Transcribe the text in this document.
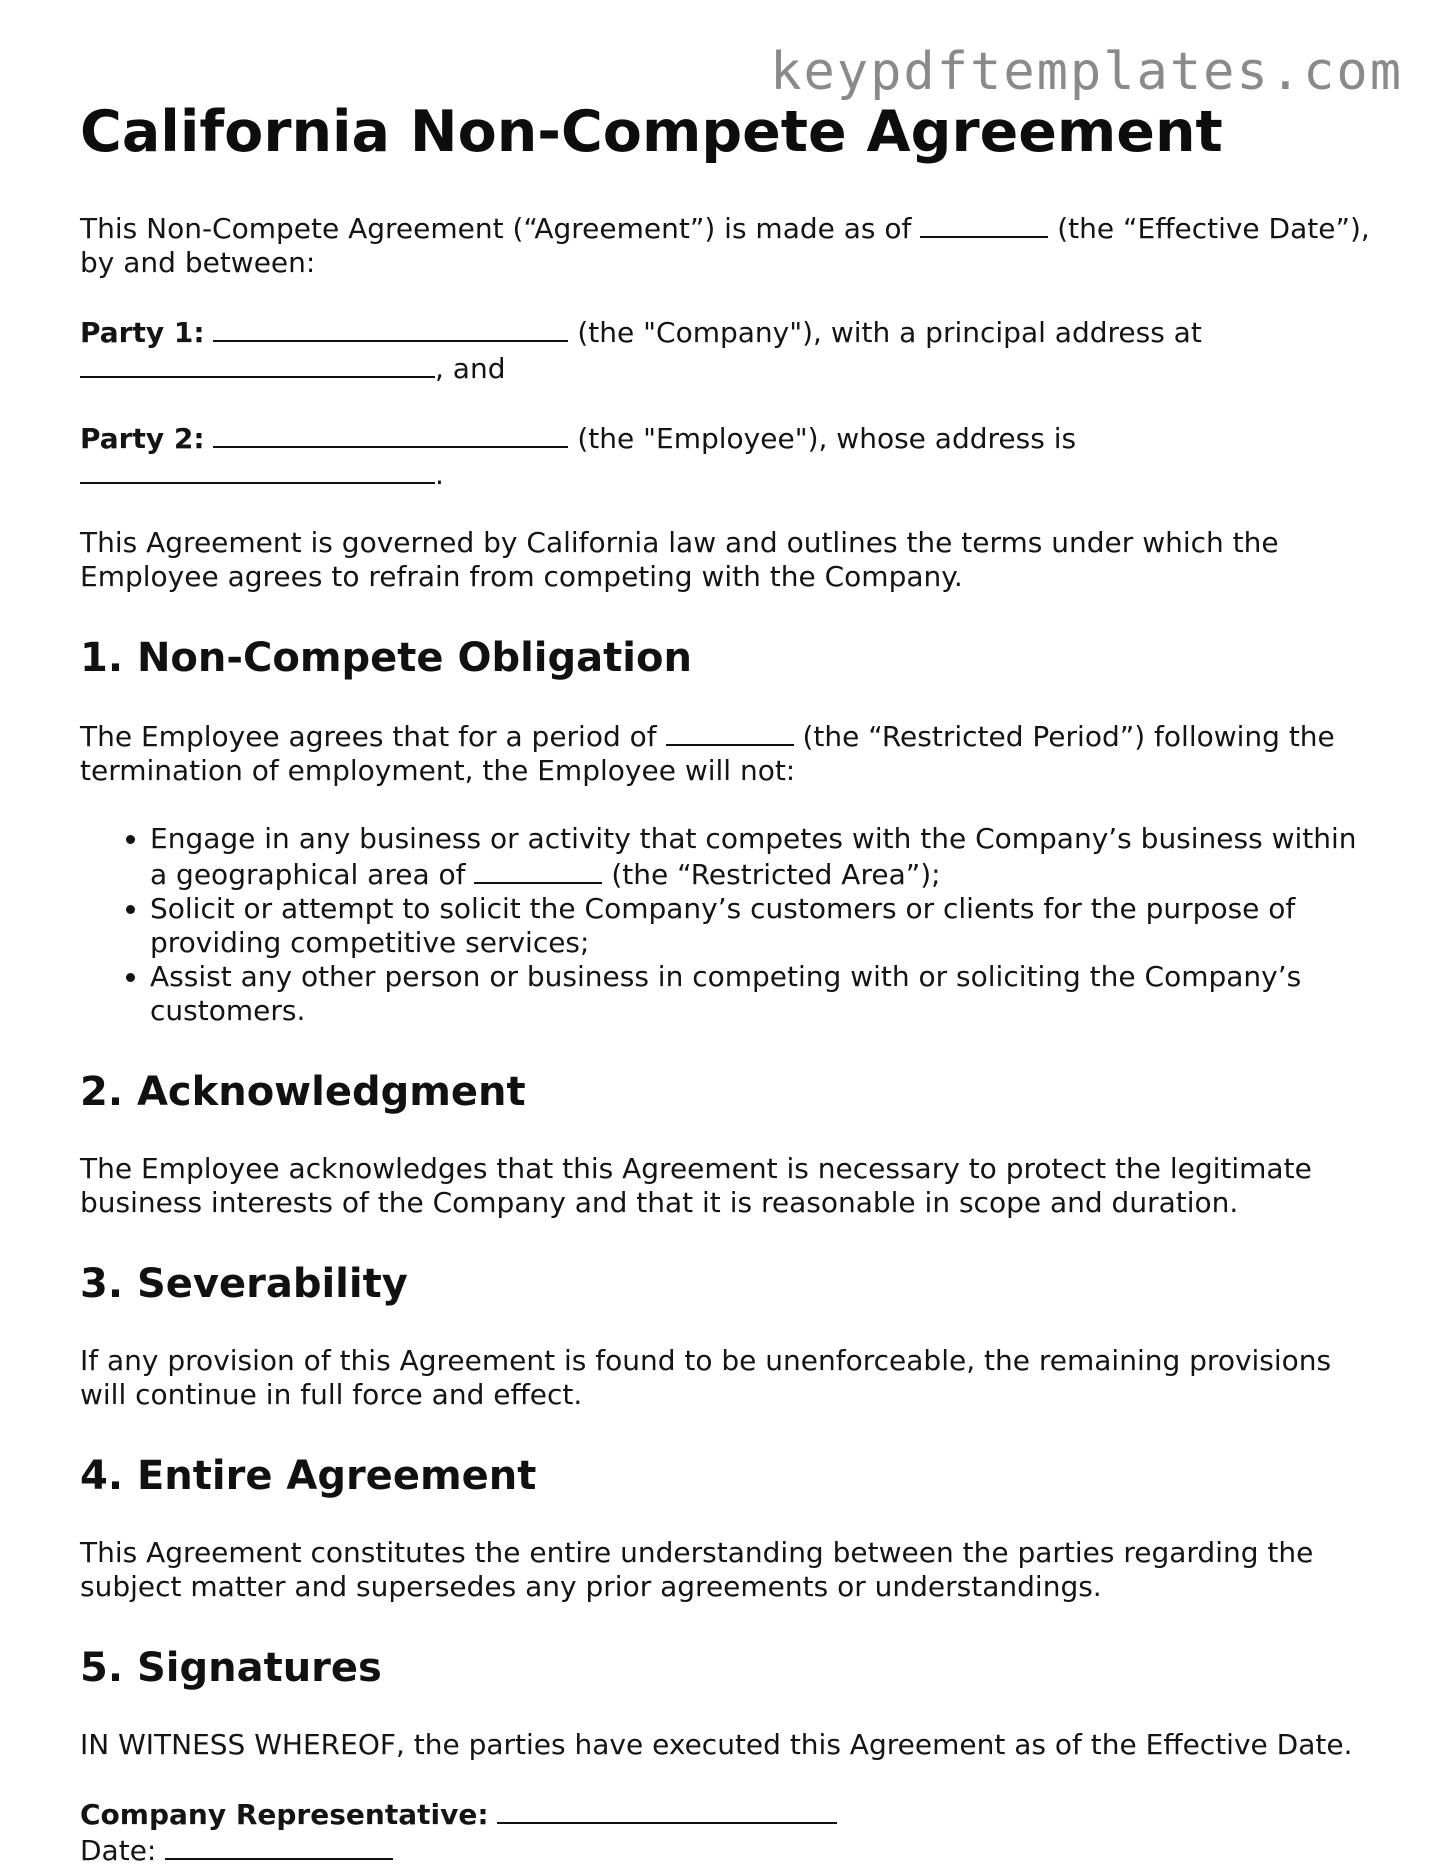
keypdftemplates.com
California Non-Compete Agreement

This Non-Compete Agreement (“Agreement”) is made as of	(the “Effective Date”), by and between:

Party 1:	(the "Company"), with a principal address at , and

Party 2:	(the "Employee"), whose address is .

This Agreement is governed by California law and outlines the terms under which the Employee agrees to refrain from competing with the Company.

1. Non-Compete Obligation

The Employee agrees that for a period of	(the “Restricted Period”) following the termination of employment, the Employee will not:

• Engage in any business or activity that competes with the Company’s business within a geographical area of	(the “Restricted Area”);
• Solicit or attempt to solicit the Company’s customers or clients for the purpose of providing competitive services;
• Assist any other person or business in competing with or soliciting the Company’s customers.
2. Acknowledgment

The Employee acknowledges that this Agreement is necessary to protect the legitimate business interests of the Company and that it is reasonable in scope and duration.

3. Severability

If any provision of this Agreement is found to be unenforceable, the remaining provisions will continue in full force and effect.

4. Entire Agreement

This Agreement constitutes the entire understanding between the parties regarding the subject matter and supersedes any prior agreements or understandings.

5. Signatures

IN WITNESS WHEREOF, the parties have executed this Agreement as of the Effective Date.

Company Representative:

Date:
